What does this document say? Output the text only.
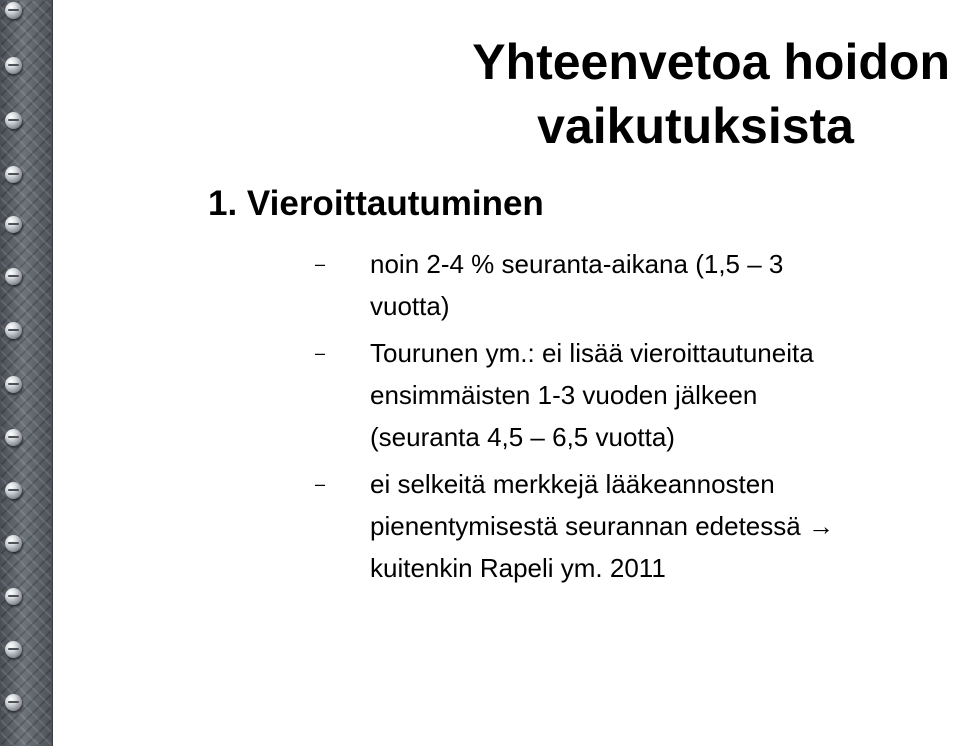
Yhteenvetoa hoidon
vaikutuksista
1. Vieroittautuminen
– noin 2-4 % seuranta-aikana (1,5 – 3
vuotta)
– Tourunen ym.: ei lisää vieroittautuneita
ensimmäisten 1-3 vuoden jälkeen
(seuranta 4,5 – 6,5 vuotta)
– ei selkeitä merkkejä lääkeannosten
pienentymisestä seurannan edetessä →
kuitenkin Rapeli ym. 2011
